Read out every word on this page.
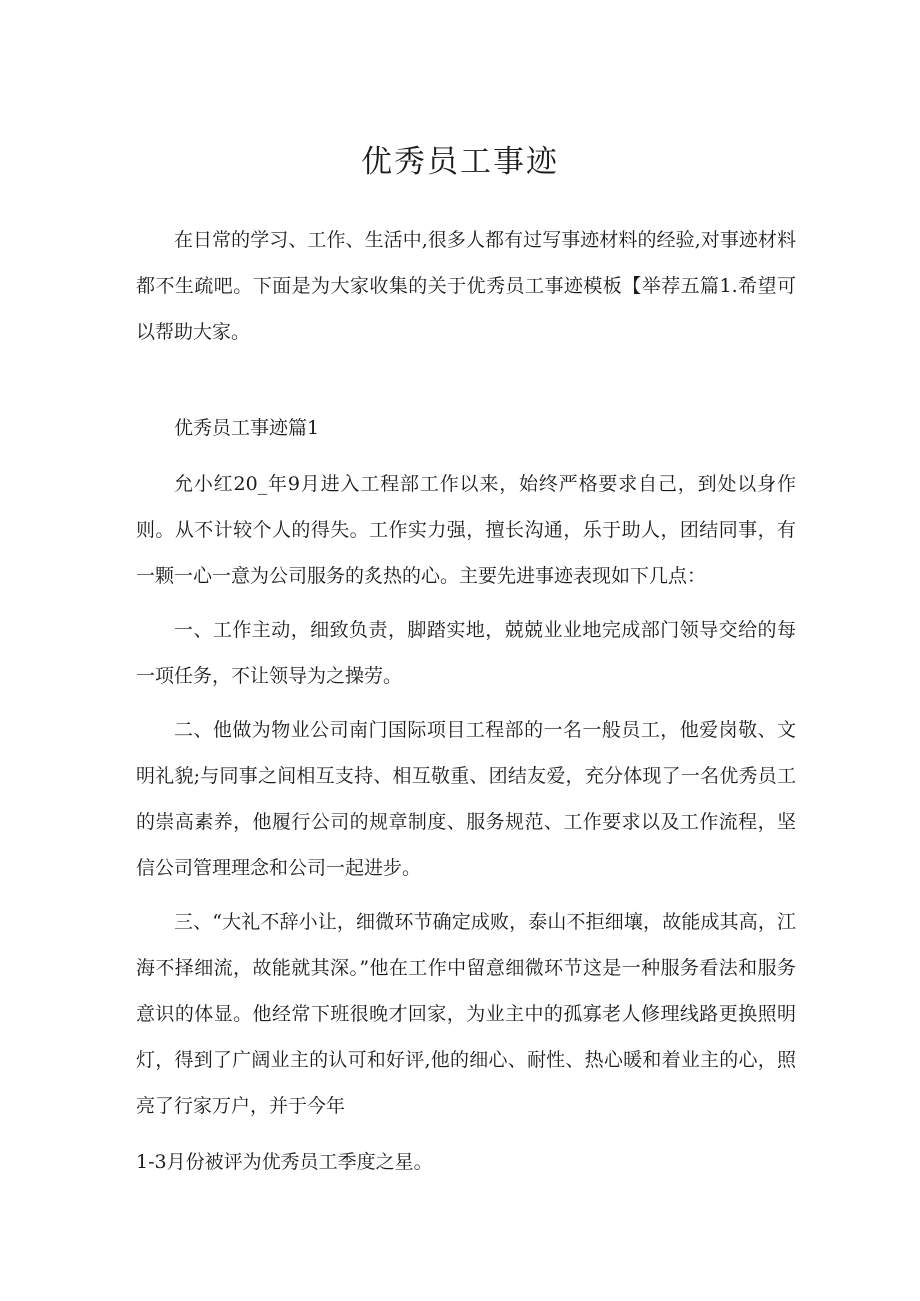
优秀员工事迹

在日常的学习、工作、生活中,很多人都有过写事迹材料的经验,对事迹材料都不生疏吧。下面是为大家收集的关于优秀员工事迹模板【举荐五篇1.希望可以帮助大家。

优秀员工事迹篇1

允小红20_年9月进入工程部工作以来，始终严格要求自己，到处以身作则。从不计较个人的得失。工作实力强，擅长沟通，乐于助人，团结同事，有一颗一心一意为公司服务的炙热的心。主要先进事迹表现如下几点：

一、工作主动，细致负责，脚踏实地，兢兢业业地完成部门领导交给的每一项任务，不让领导为之操劳。

二、他做为物业公司南门国际项目工程部的一名一般员工，他爱岗敬、文明礼貌;与同事之间相互支持、相互敬重、团结友爱，充分体现了一名优秀员工的崇高素养，他履行公司的规章制度、服务规范、工作要求以及工作流程，坚信公司管理理念和公司一起进步。

三、“大礼不辞小让，细微环节确定成败，泰山不拒细壤，故能成其高，江海不择细流，故能就其深。”他在工作中留意细微环节这是一种服务看法和服务意识的体显。他经常下班很晚才回家，为业主中的孤寡老人修理线路更换照明灯，得到了广阔业主的认可和好评,他的细心、耐性、热心暖和着业主的心，照亮了行家万户，并于今年

1-3月份被评为优秀员工季度之星。
